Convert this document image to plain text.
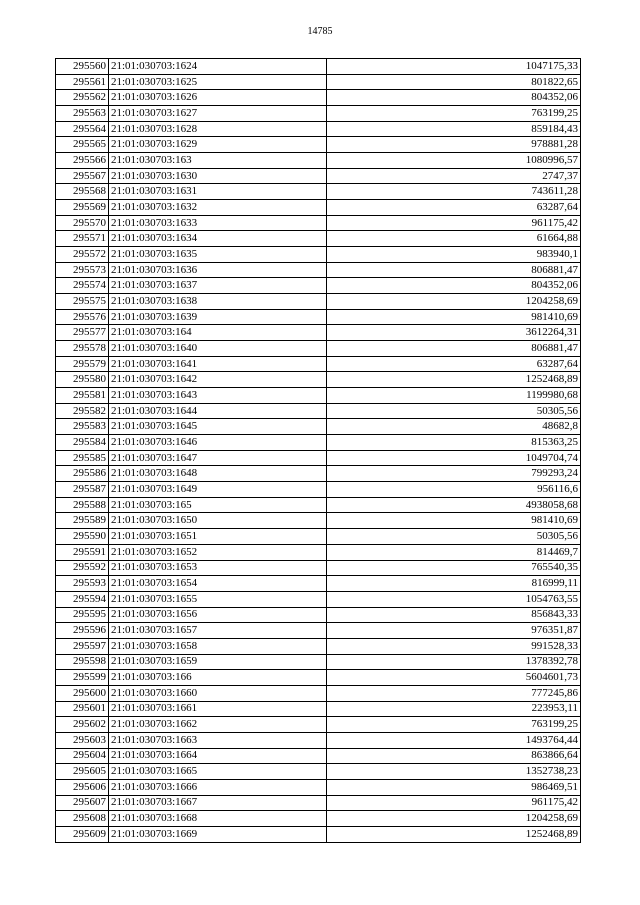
14785
295560	21:01:030703:1624	1047175,33
295561	21:01:030703:1625	801822,65
295562	21:01:030703:1626	804352,06
295563	21:01:030703:1627	763199,25
295564	21:01:030703:1628	859184,43
295565	21:01:030703:1629	978881,28
295566	21:01:030703:163	1080996,57
295567	21:01:030703:1630	2747,37
295568	21:01:030703:1631	743611,28
295569	21:01:030703:1632	63287,64
295570	21:01:030703:1633	961175,42
295571	21:01:030703:1634	61664,88
295572	21:01:030703:1635	983940,1
295573	21:01:030703:1636	806881,47
295574	21:01:030703:1637	804352,06
295575	21:01:030703:1638	1204258,69
295576	21:01:030703:1639	981410,69
295577	21:01:030703:164	3612264,31
295578	21:01:030703:1640	806881,47
295579	21:01:030703:1641	63287,64
295580	21:01:030703:1642	1252468,89
295581	21:01:030703:1643	1199980,68
295582	21:01:030703:1644	50305,56
295583	21:01:030703:1645	48682,8
295584	21:01:030703:1646	815363,25
295585	21:01:030703:1647	1049704,74
295586	21:01:030703:1648	799293,24
295587	21:01:030703:1649	956116,6
295588	21:01:030703:165	4938058,68
295589	21:01:030703:1650	981410,69
295590	21:01:030703:1651	50305,56
295591	21:01:030703:1652	814469,7
295592	21:01:030703:1653	765540,35
295593	21:01:030703:1654	816999,11
295594	21:01:030703:1655	1054763,55
295595	21:01:030703:1656	856843,33
295596	21:01:030703:1657	976351,87
295597	21:01:030703:1658	991528,33
295598	21:01:030703:1659	1378392,78
295599	21:01:030703:166	5604601,73
295600	21:01:030703:1660	777245,86
295601	21:01:030703:1661	223953,11
295602	21:01:030703:1662	763199,25
295603	21:01:030703:1663	1493764,44
295604	21:01:030703:1664	863866,64
295605	21:01:030703:1665	1352738,23
295606	21:01:030703:1666	986469,51
295607	21:01:030703:1667	961175,42
295608	21:01:030703:1668	1204258,69
295609	21:01:030703:1669	1252468,89
